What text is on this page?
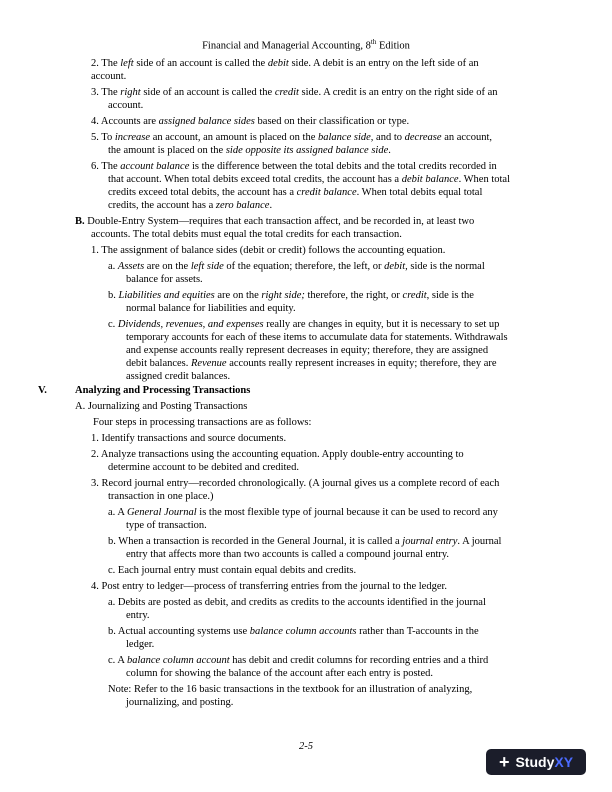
Financial and Managerial Accounting, 8th Edition
2. The left side of an account is called the debit side. A debit is an entry on the left side of an
account.
3. The right side of an account is called the credit side. A credit is an entry on the right side of an
account.
4. Accounts are assigned balance sides based on their classification or type.
5. To increase an account, an amount is placed on the balance side, and to decrease an account,
the amount is placed on the side opposite its assigned balance side.
6. The account balance is the difference between the total debits and the total credits recorded in
that account. When total debits exceed total credits, the account has a debit balance. When total
credits exceed total debits, the account has a credit balance. When total debits equal total
credits, the account has a zero balance.
B. Double-Entry System—requires that each transaction affect, and be recorded in, at least two
accounts. The total debits must equal the total credits for each transaction.
1. The assignment of balance sides (debit or credit) follows the accounting equation.
a. Assets are on the left side of the equation; therefore, the left, or debit, side is the normal
balance for assets.
b. Liabilities and equities are on the right side; therefore, the right, or credit, side is the
normal balance for liabilities and equity.
c. Dividends, revenues, and expenses really are changes in equity, but it is necessary to set up
temporary accounts for each of these items to accumulate data for statements. Withdrawals
and expense accounts really represent decreases in equity; therefore, they are assigned
debit balances. Revenue accounts really represent increases in equity; therefore, they are
assigned credit balances.
V.	Analyzing and Processing Transactions
A. Journalizing and Posting Transactions
Four steps in processing transactions are as follows:
1. Identify transactions and source documents.
2. Analyze transactions using the accounting equation. Apply double-entry accounting to
determine account to be debited and credited.
3. Record journal entry—recorded chronologically. (A journal gives us a complete record of each
transaction in one place.)
a. A General Journal is the most flexible type of journal because it can be used to record any
type of transaction.
b. When a transaction is recorded in the General Journal, it is called a journal entry. A journal
entry that affects more than two accounts is called a compound journal entry.
c. Each journal entry must contain equal debits and credits.
4. Post entry to ledger—process of transferring entries from the journal to the ledger.
a. Debits are posted as debit, and credits as credits to the accounts identified in the journal
entry.
b. Actual accounting systems use balance column accounts rather than T-accounts in the
ledger.
c. A balance column account has debit and credit columns for recording entries and a third
column for showing the balance of the account after each entry is posted.
Note: Refer to the 16 basic transactions in the textbook for an illustration of analyzing,
journalizing, and posting.
2-5
+ StudyXY
